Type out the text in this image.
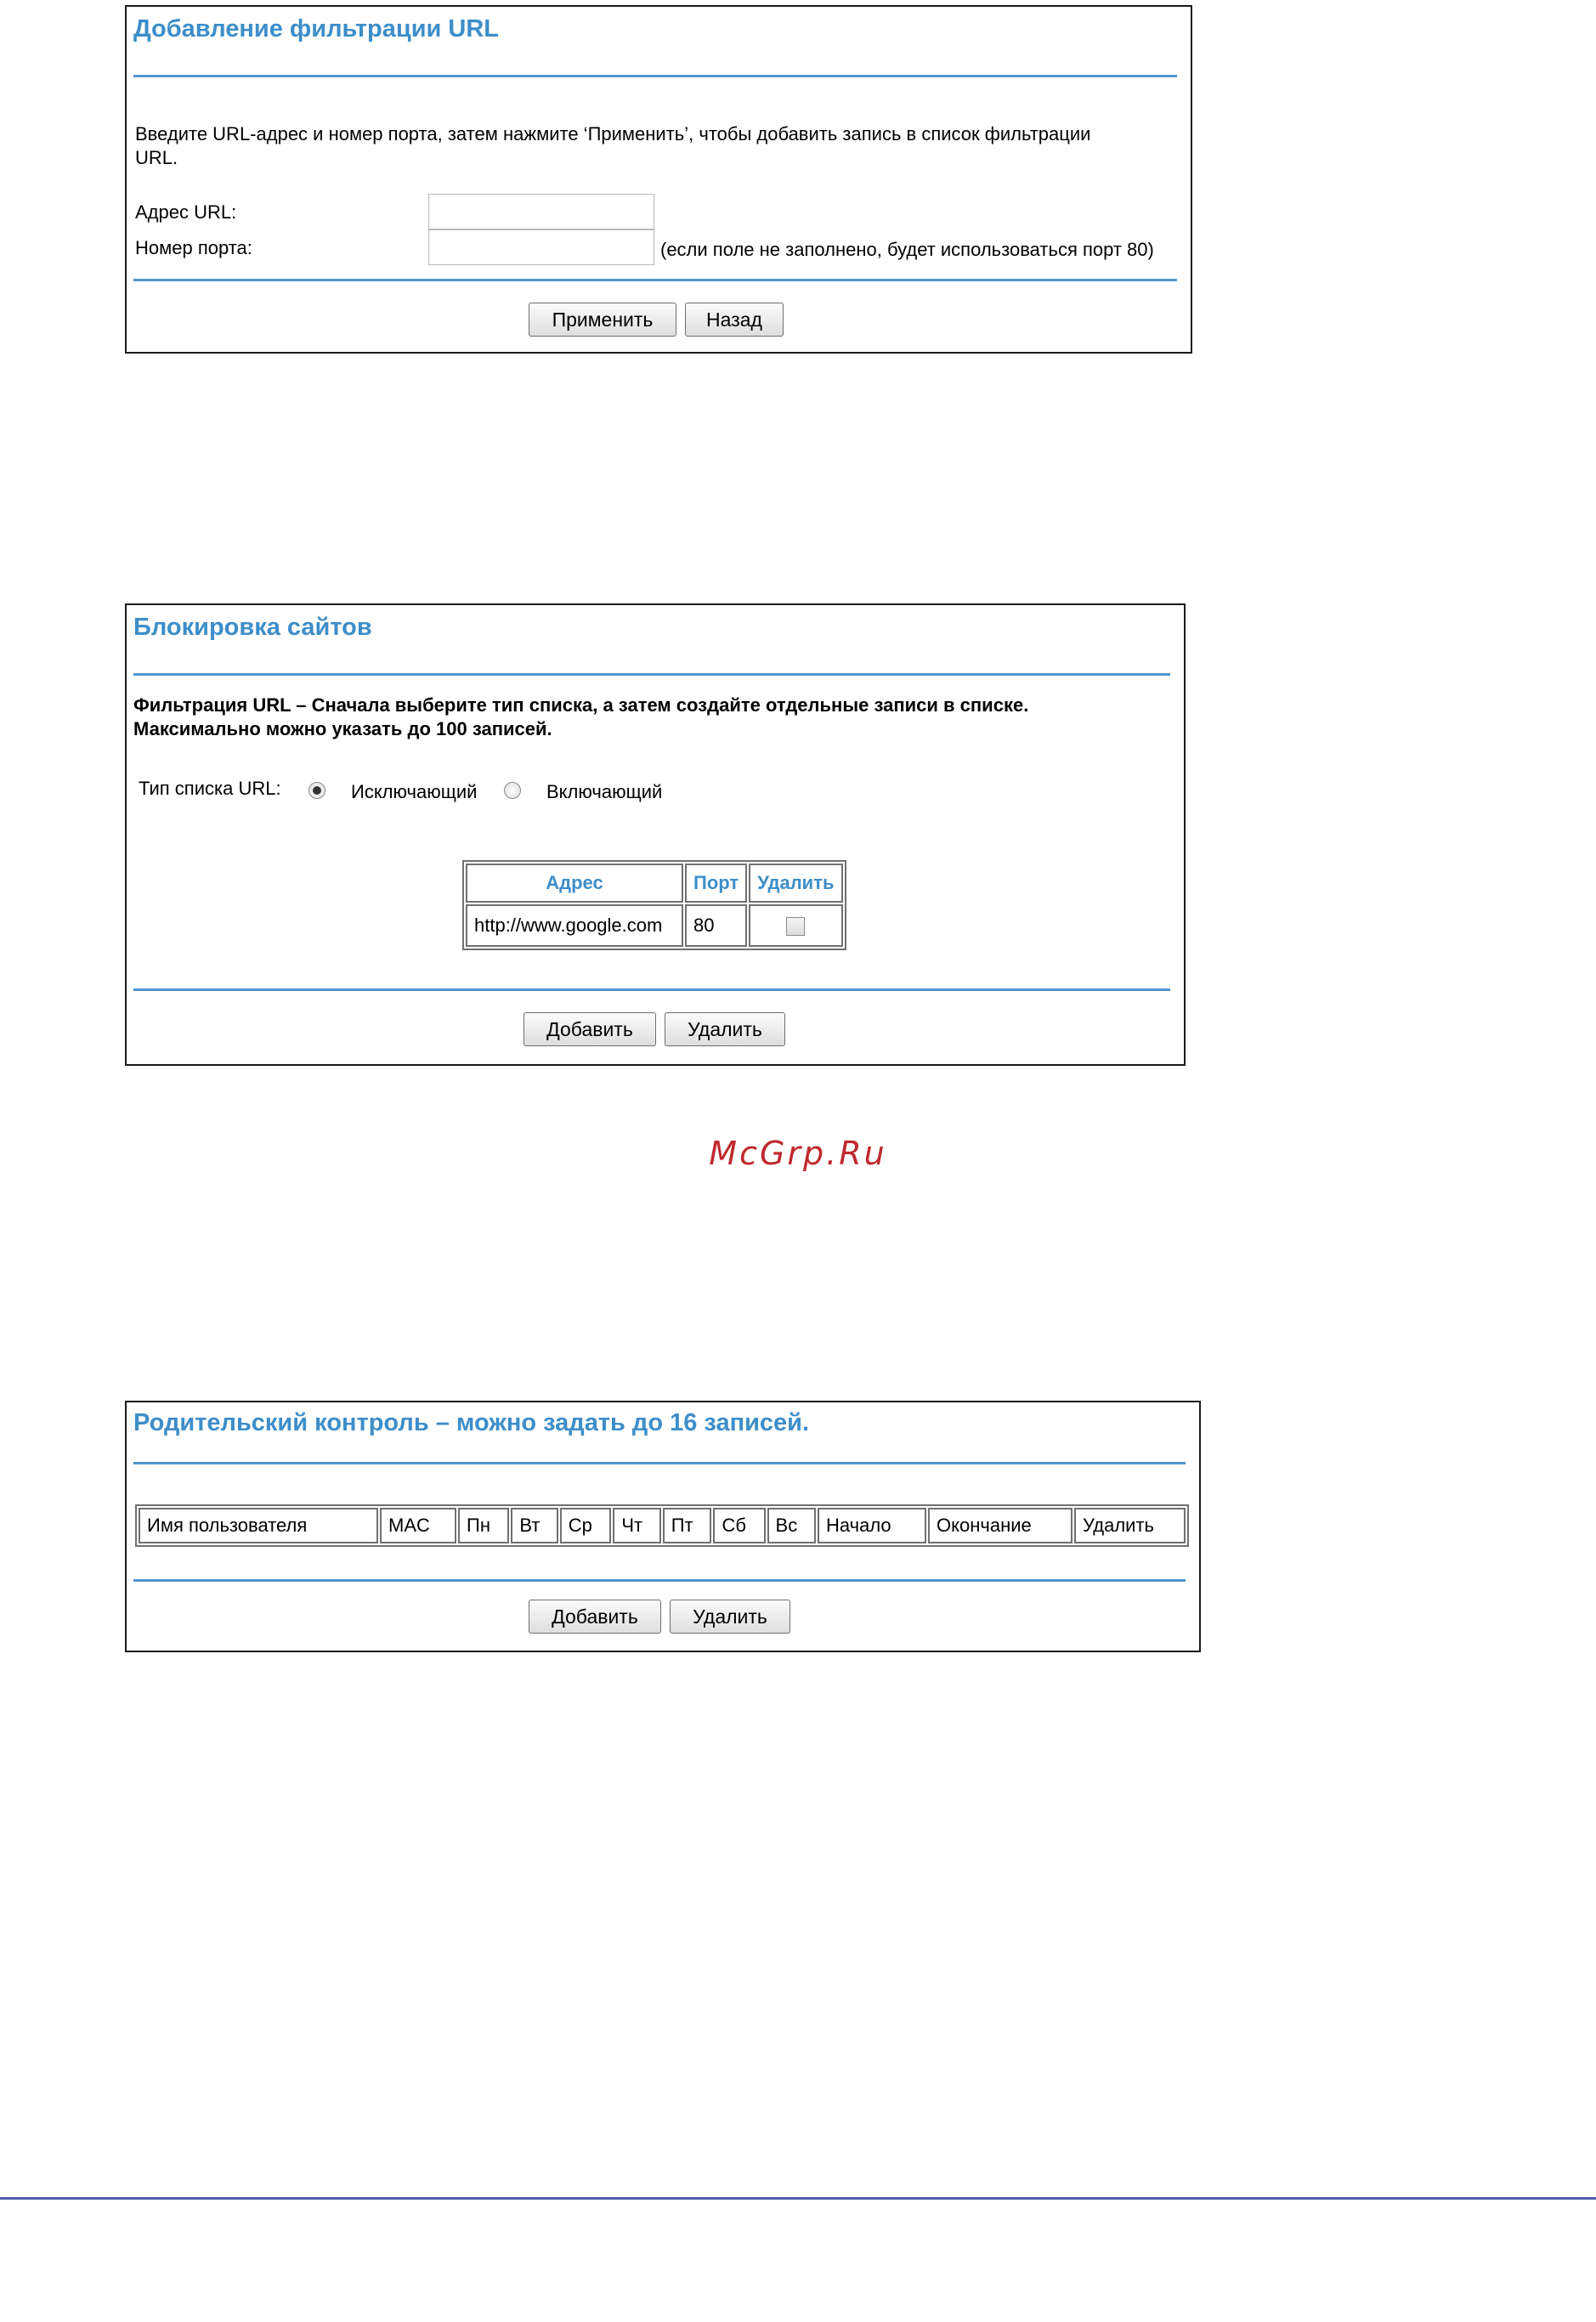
Добавление фильтрации URL
Введите URL-адрес и номер порта, затем нажмите ‘Применить’, чтобы добавить запись в список фильтрации
URL.
Адрес URL:
Номер порта:	(если поле не заполнено, будет использоваться порт 80)
Применить	Назад
Блокировка сайтов
Фильтрация URL – Сначала выберите тип списка, а затем создайте отдельные записи в списке.
Максимально можно указать до 100 записей.
Тип списка URL:	Исключающий	Включающий
Адрес	Порт	Удалить
http://www.google.com	80	
Добавить	Удалить
McGrp.Ru
Родительский контроль – можно задать до 16 записей.
Имя пользователя	MAC	Пн	Вт	Ср	Чт	Пт	Сб	Вс	Начало	Окончание	Удалить
Добавить	Удалить
